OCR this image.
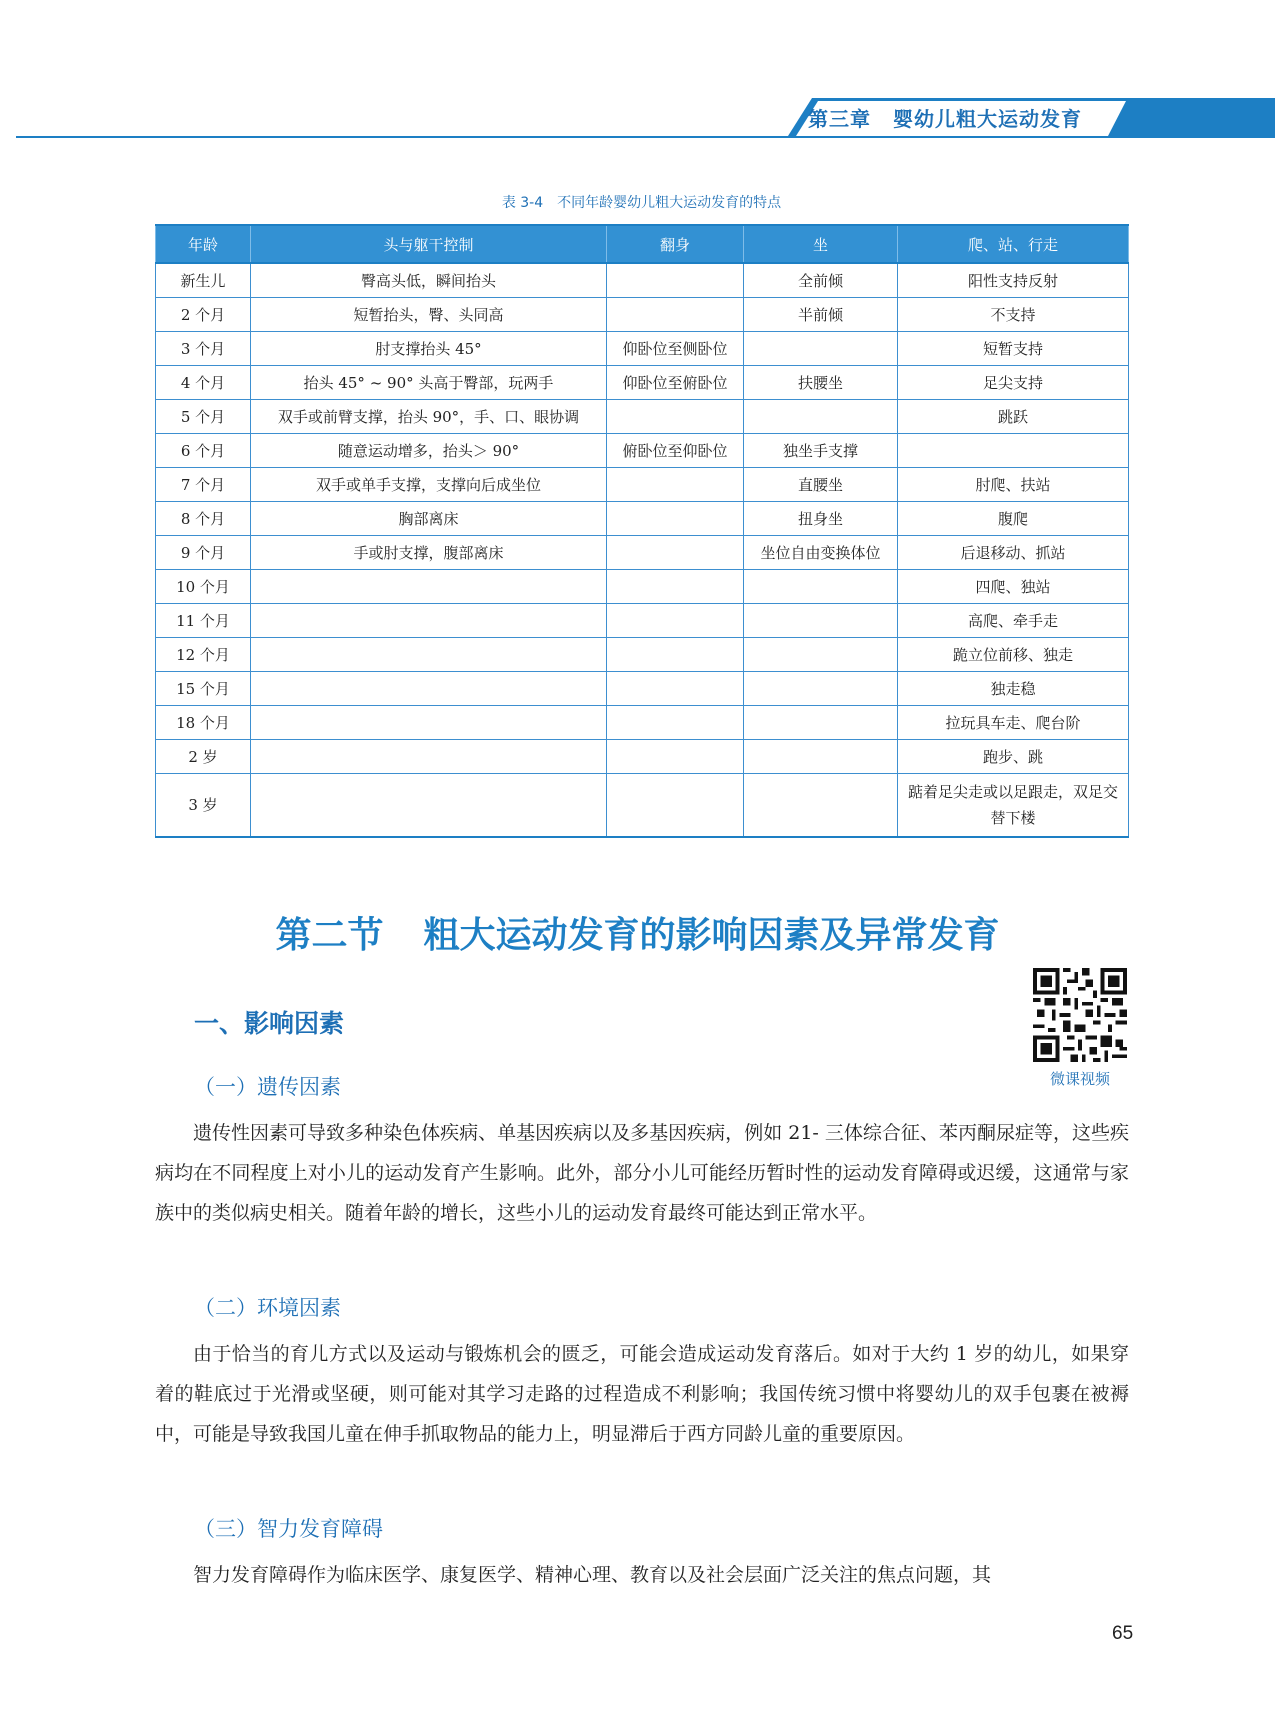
第三章 婴幼儿粗大运动发育
表 3-4 不同年龄婴幼儿粗大运动发育的特点
年龄	头与躯干控制	翻身	坐	爬、站、行走
新生儿	臀高头低，瞬间抬头		全前倾	阳性支持反射
2 个月	短暂抬头，臀、头同高		半前倾	不支持
3 个月	肘支撑抬头 45°	仰卧位至侧卧位		短暂支持
4 个月	抬头 45° ~ 90° 头高于臀部，玩两手	仰卧位至俯卧位	扶腰坐	足尖支持
5 个月	双手或前臂支撑，抬头 90°，手、口、眼协调			跳跃
6 个月	随意运动增多，抬头＞ 90°	俯卧位至仰卧位	独坐手支撑	
7 个月	双手或单手支撑，支撑向后成坐位		直腰坐	肘爬、扶站
8 个月	胸部离床		扭身坐	腹爬
9 个月	手或肘支撑，腹部离床		坐位自由变换体位	后退移动、抓站
10 个月				四爬、独站
11 个月				高爬、牵手走
12 个月				跪立位前移、独走
15 个月				独走稳
18 个月				拉玩具车走、爬台阶
2 岁				跑步、跳
3 岁				踮着足尖走或以足跟走，双足交替下楼
第二节 粗大运动发育的影响因素及异常发育
微课视频
一、影响因素
（一）遗传因素
遗传性因素可导致多种染色体疾病、单基因疾病以及多基因疾病，例如 21- 三体综合征、苯丙酮尿症等，这些疾病均在不同程度上对小儿的运动发育产生影响。此外，部分小儿可能经历暂时性的运动发育障碍或迟缓，这通常与家族中的类似病史相关。随着年龄的增长，这些小儿的运动发育最终可能达到正常水平。
（二）环境因素
由于恰当的育儿方式以及运动与锻炼机会的匮乏，可能会造成运动发育落后。如对于大约 1 岁的幼儿，如果穿着的鞋底过于光滑或坚硬，则可能对其学习走路的过程造成不利影响；我国传统习惯中将婴幼儿的双手包裹在被褥中，可能是导致我国儿童在伸手抓取物品的能力上，明显滞后于西方同龄儿童的重要原因。
（三）智力发育障碍
智力发育障碍作为临床医学、康复医学、精神心理、教育以及社会层面广泛关注的焦点问题，其
65
